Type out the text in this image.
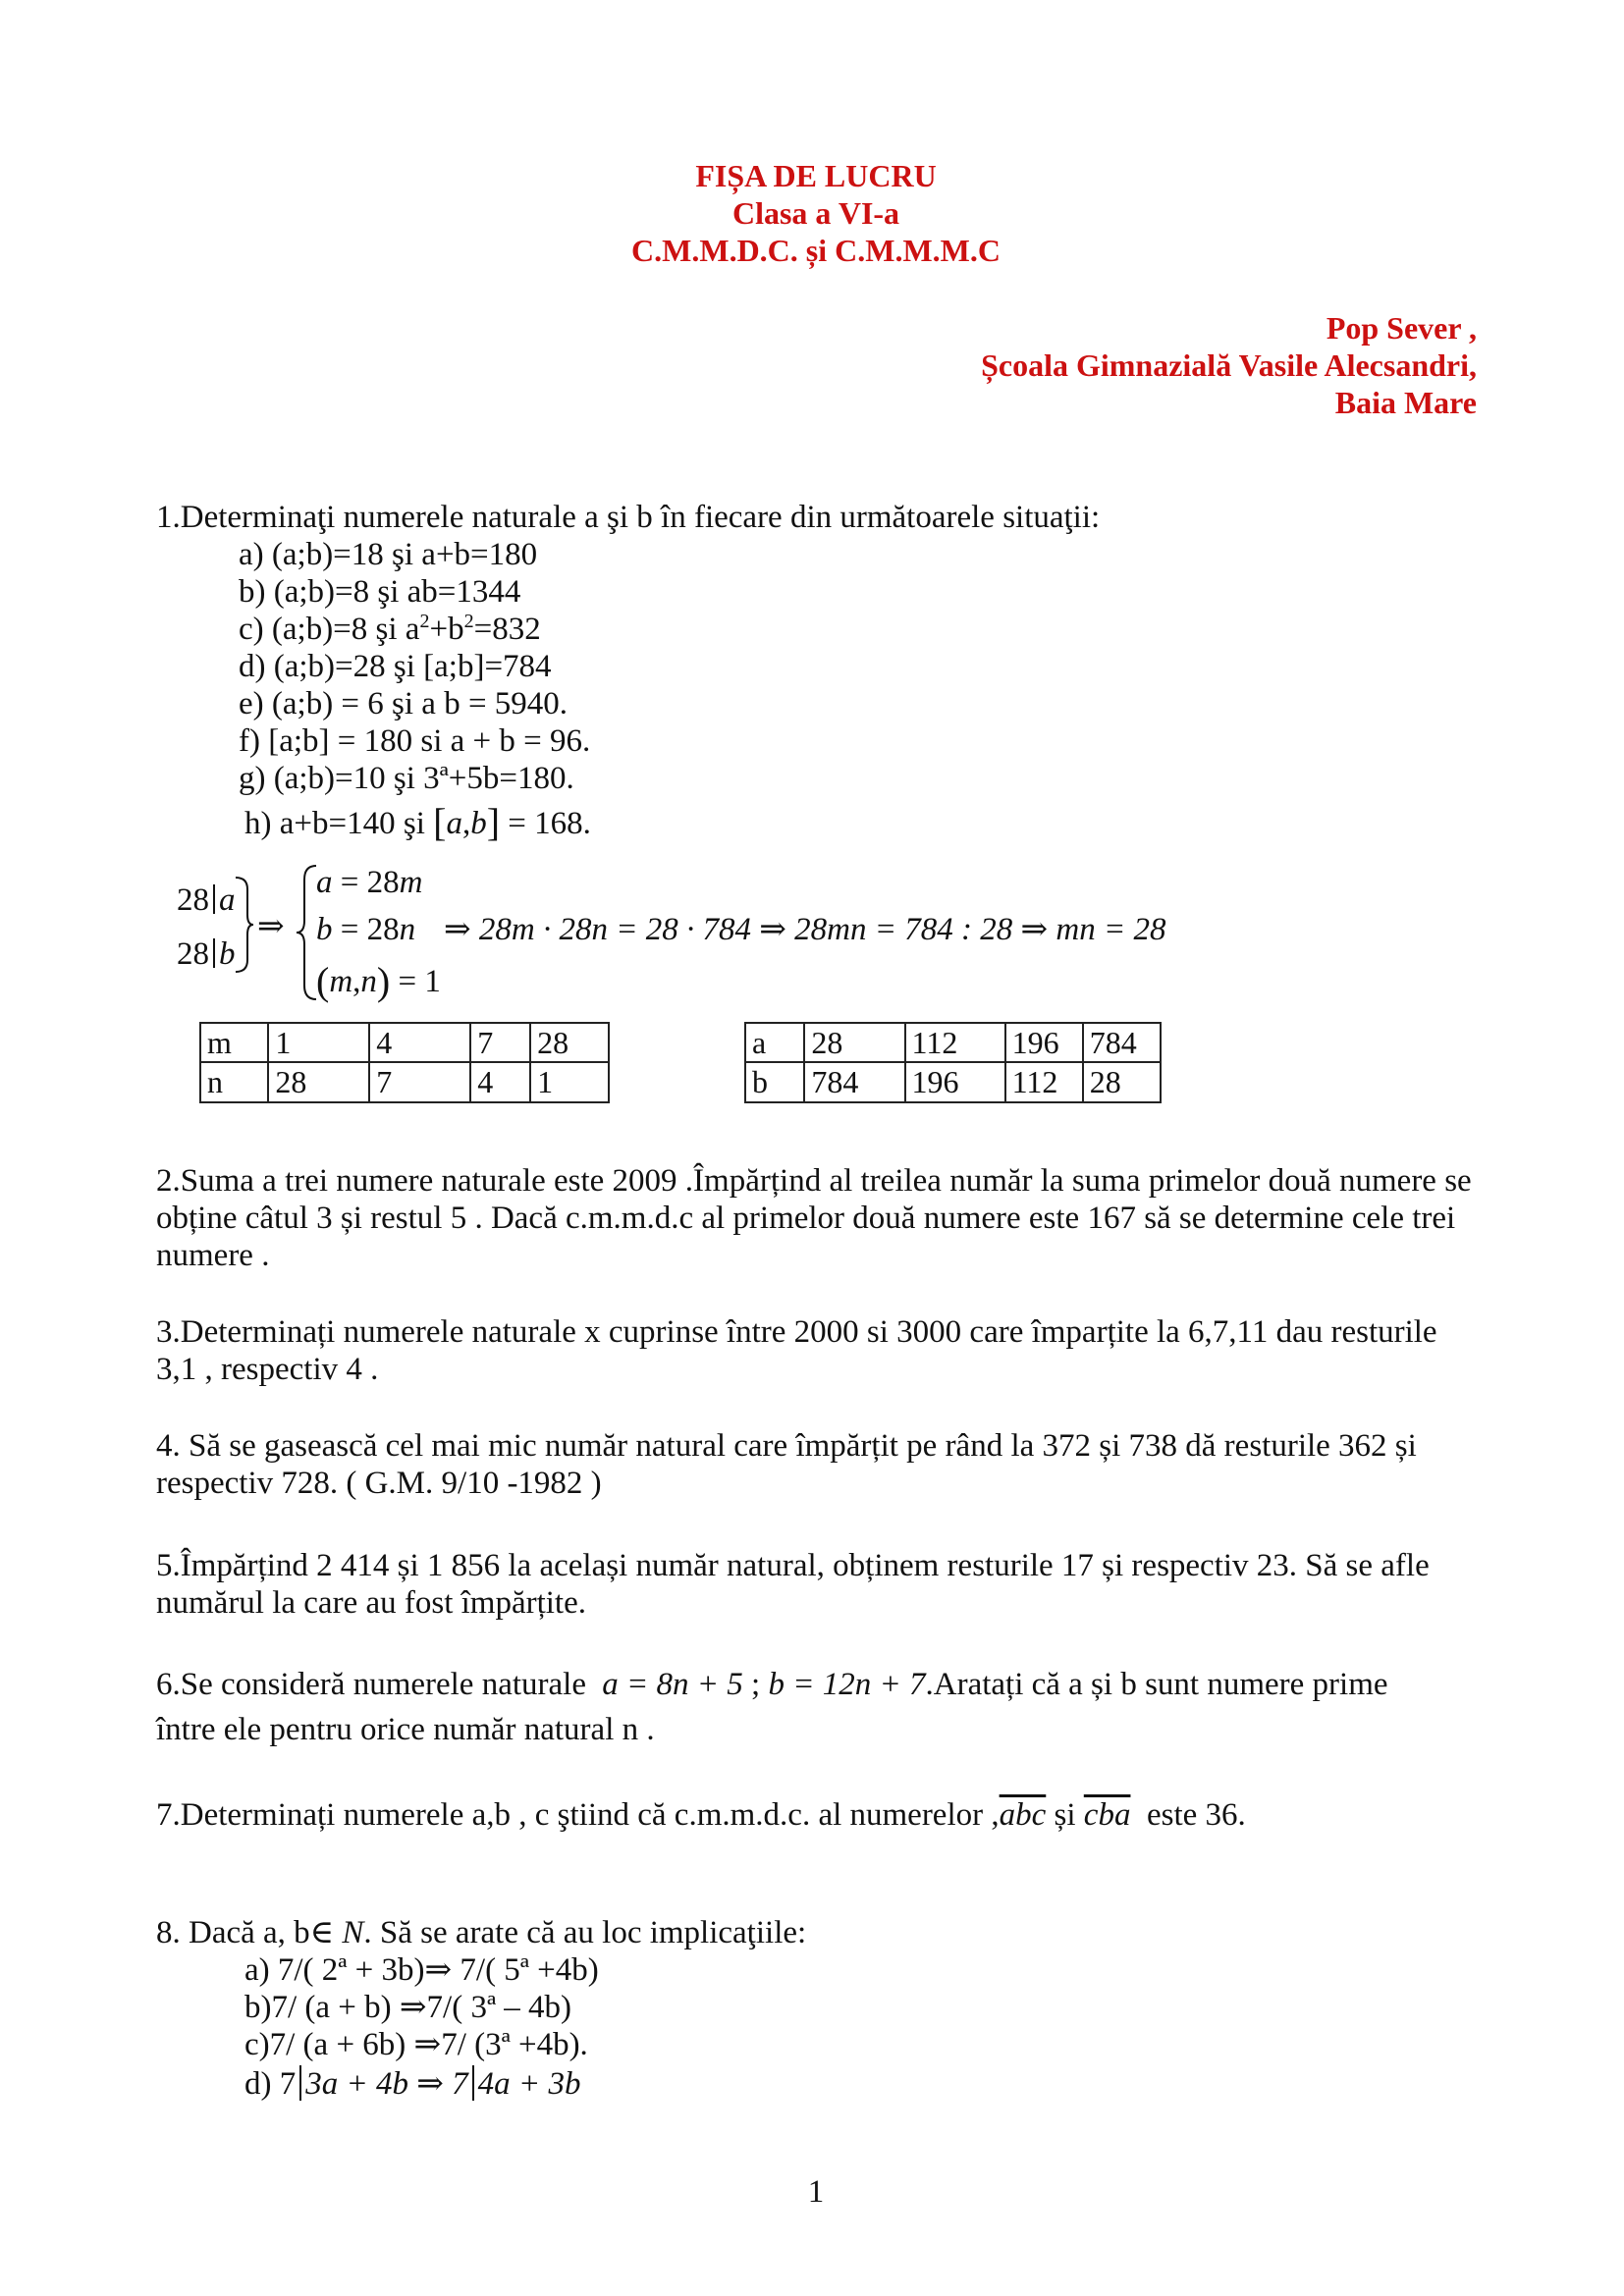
FIȘA DE LUCRU
Clasa a VI-a
C.M.M.D.C. și C.M.M.M.C
Pop Sever ,
Școala Gimnazială Vasile Alecsandri,
Baia Mare
1.Determinaţi numerele naturale a şi b în fiecare din următoarele situaţii:
a) (a;b)=18 şi a+b=180
b) (a;b)=8 şi ab=1344
c) (a;b)=8 şi $a^2+b^2=832$
d) (a;b)=28 şi [a;b]=784
e) (a;b) = 6 şi a b = 5940.
f) [a;b] = 180 si a + b = 96.
g) (a;b)=10 şi 3ª+5b=180.
h) a+b=140 şi [a,b] = 168.
28 a
28 b
⇒
a = 28m
b = 28n
(m,n) = 1
⇒ 28m · 28n = 28 · 784 ⇒ 28mn = 784 : 28 ⇒ mn = 28
m	1	4	7	28
n	28	7	4	1
a	28	112	196	784
b	784	196	112	28
2.Suma a trei numere naturale este 2009 .Împărțind al treilea număr la suma primelor două numere se obține câtul 3 și restul 5 . Dacă c.m.m.d.c al primelor două numere este 167 să se determine cele trei numere .
3.Determinați numerele naturale x cuprinse între 2000 si 3000 care împarțite la 6,7,11 dau resturile 3,1 , respectiv 4 .
4. Să se gasească cel mai mic număr natural care împărțit pe rând la 372 și 738 dă resturile 362 și respectiv 728. ( G.M. 9/10 -1982 )
5.Împărțind 2 414 și 1 856 la același număr natural, obținem resturile 17 și respectiv 23. Să se afle numărul la care au fost împărțite.
6.Se consideră numerele naturale a = 8n + 5 ; b = 12n + 7.Aratați că a și b sunt numere prime
între ele pentru orice număr natural n .
7.Determinați numerele a,b , c ştiind că c.m.m.d.c. al numerelor $,\overline{abc}$ și $\overline{cba}$  este 36.
8. Dacă a, b∈ N. Să se arate că au loc implicaţiile:
a) 7/( 2ª + 3b)⇒ 7/( 5ª +4b)
b)7/ (a + b) ⇒7/( 3ª – 4b)
c)7/ (a + 6b) ⇒7/ (3ª +4b).
d) 7 3a + 4b ⇒ 7 4a + 3b
1
